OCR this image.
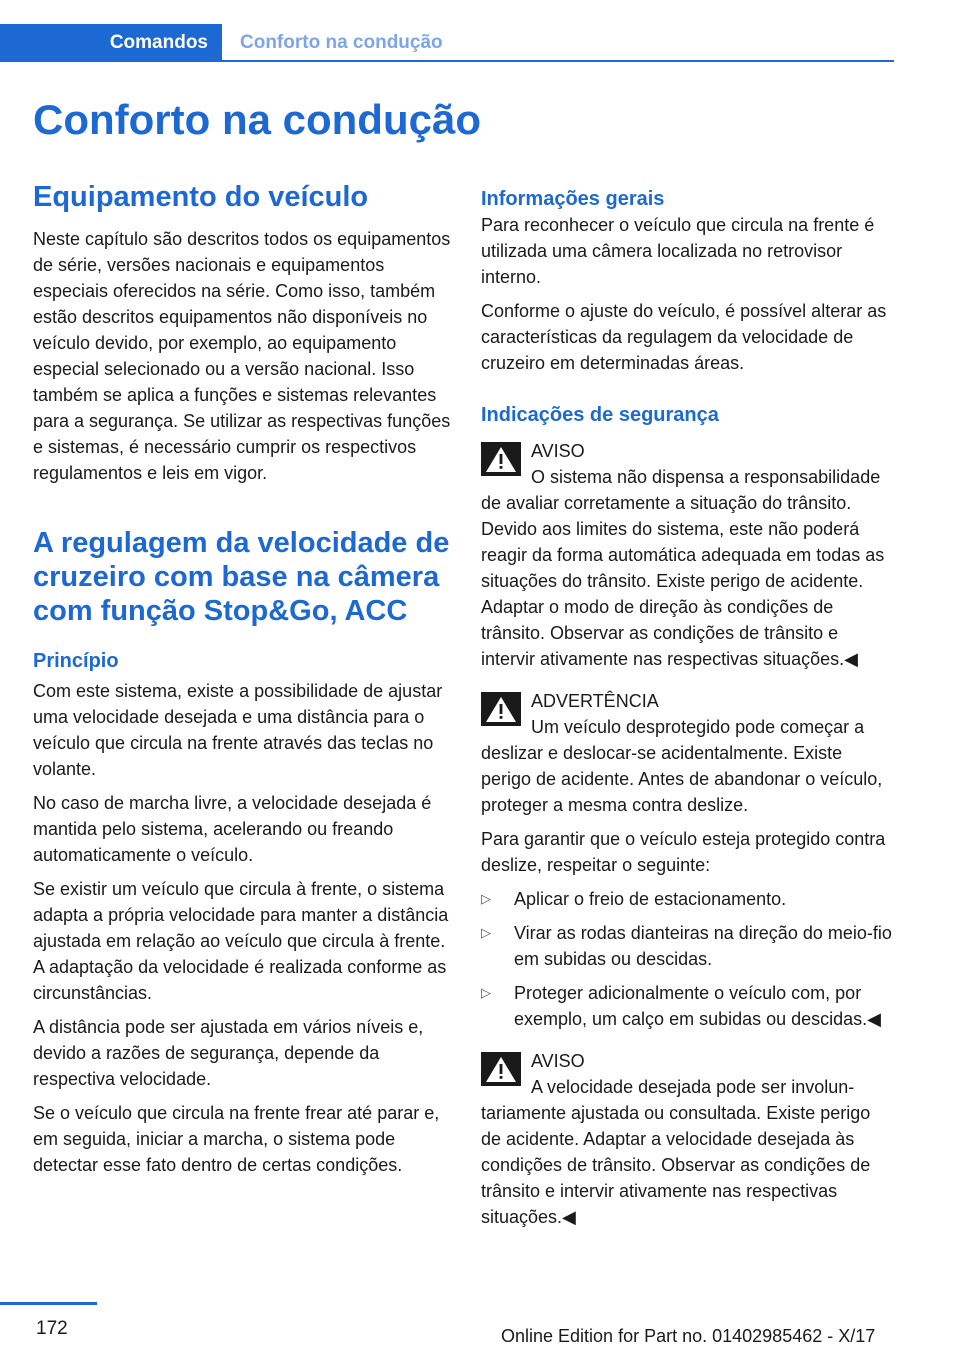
Comandos	Conforto na condução
Conforto na condução
Equipamento do veículo
Neste capítulo são descritos todos os equipamentos de série, versões nacionais e equipamentos especiais oferecidos na série. Como isso, também estão descritos equipamentos não disponíveis no veículo devido, por exemplo, ao equipamento especial selecionado ou a versão nacional. Isso também se aplica a funções e sistemas relevantes para a segurança. Se utilizar as respectivas funções e sistemas, é necessário cumprir os respectivos regulamentos e leis em vigor.
A regulagem da velocidade de cruzeiro com base na câmera com função Stop&Go, ACC
Princípio
Com este sistema, existe a possibilidade de ajustar uma velocidade desejada e uma distância para o veículo que circula na frente através das teclas no volante.
No caso de marcha livre, a velocidade desejada é mantida pelo sistema, acelerando ou freando automaticamente o veículo.
Se existir um veículo que circula à frente, o sistema adapta a própria velocidade para manter a distância ajustada em relação ao veículo que circula à frente. A adaptação da velocidade é realizada conforme as circunstâncias.
A distância pode ser ajustada em vários níveis e, devido a razões de segurança, depende da respectiva velocidade.
Se o veículo que circula na frente frear até parar e, em seguida, iniciar a marcha, o sistema pode detectar esse fato dentro de certas condições.
Informações gerais
Para reconhecer o veículo que circula na frente é utilizada uma câmera localizada no retrovisor interno.
Conforme o ajuste do veículo, é possível alterar as características da regulagem da velocidade de cruzeiro em determinadas áreas.
Indicações de segurança
AVISO
O sistema não dispensa a responsabilidade de avaliar corretamente a situação do trânsito. Devido aos limites do sistema, este não poderá reagir da forma automática adequada em todas as situações do trânsito. Existe perigo de acidente. Adaptar o modo de direção às condições de trânsito. Observar as condições de trânsito e intervir ativamente nas respectivas situações.◀
ADVERTÊNCIA
Um veículo desprotegido pode começar a deslizar e deslocar-se acidentalmente. Existe perigo de acidente. Antes de abandonar o veículo, proteger a mesma contra deslize.
Para garantir que o veículo esteja protegido contra deslize, respeitar o seguinte:
▷ Aplicar o freio de estacionamento.
▷ Virar as rodas dianteiras na direção do meio-fio em subidas ou descidas.
▷ Proteger adicionalmente o veículo com, por exemplo, um calço em subidas ou descidas.◀
AVISO
A velocidade desejada pode ser involuntariamente ajustada ou consultada. Existe perigo de acidente. Adaptar a velocidade desejada às condições de trânsito. Observar as condições de trânsito e intervir ativamente nas respectivas situações.◀
172	Online Edition for Part no. 01402985462 - X/17
